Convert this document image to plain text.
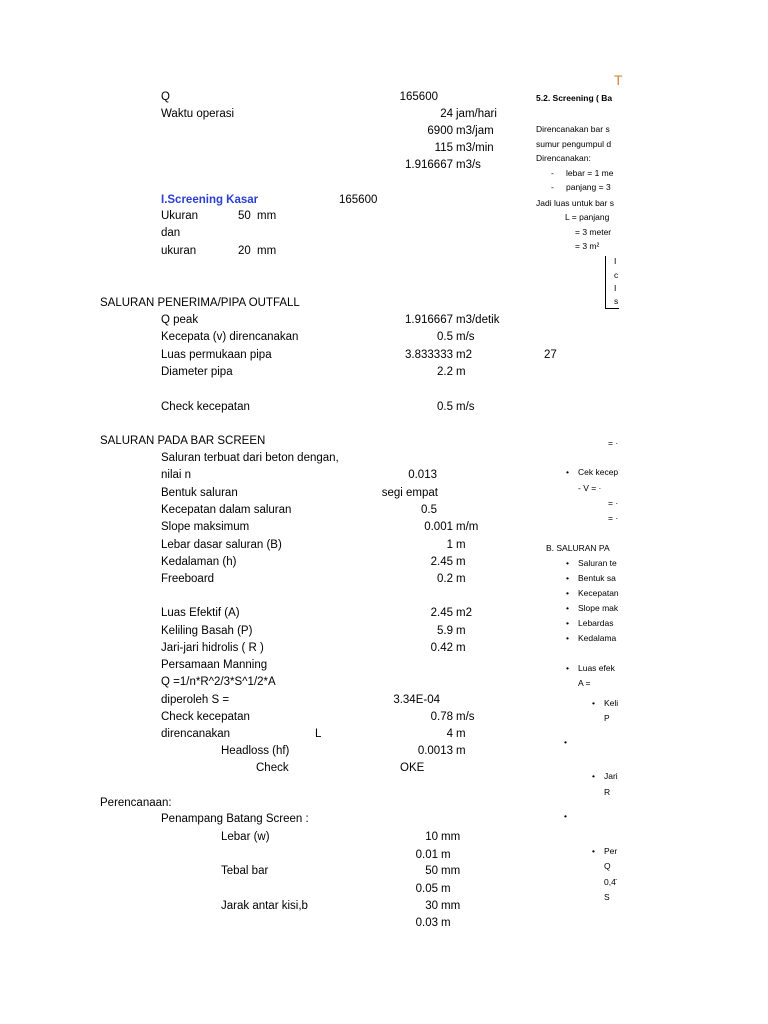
Q	165600
Waktu operasi	24 jam/hari
6900 m3/jam
115 m3/min
1.916667 m3/s
I.Screening Kasar	165600
Ukuran	50 mm
dan
ukuran	20 mm
SALURAN PENERIMA/PIPA OUTFALL
Q peak	1.916667 m3/detik
Kecepata (v) direncanakan	0.5 m/s
Luas permukaan pipa	3.833333 m2	27
Diameter pipa	2.2 m
Check kecepatan	0.5 m/s
SALURAN PADA BAR SCREEN
Saluran terbuat dari beton dengan,
nilai n	0.013
Bentuk saluran	segi empat
Kecepatan dalam saluran	0.5
Slope maksimum	0.001 m/m
Lebar dasar saluran (B)	1 m
Kedalaman (h)	2.45 m
Freeboard	0.2 m
Luas Efektif (A)	2.45 m2
Keliling Basah (P)	5.9 m
Jari-jari hidrolis ( R )	0.42 m
Persamaan Manning
Q =1/n*R^2/3*S^1/2*A
diperoleh S =	3.34E-04
Check kecepatan	0.78 m/s
direncanakan	L	4 m
Headloss (hf)	0.0013 m
Check	OKE
Perencanaan:
Penampang Batang Screen :
Lebar (w)	10 mm
0.01 m
Tebal bar	50 mm
0.05 m
Jarak antar kisi,b	30 mm
0.03 m
T
5.2. Screening ( Ba
Direncanakan bar s
sumur pengumpul d
Direncanakan:
- lebar = 1 me
- panjang = 3
Jadi luas untuk bar s
L = panjang
= 3 meter
= 3 m²
I
c
I
s
= ·
• Cek kecep
- V = ·
= ·
= ·
B. SALURAN PA
• Saluran te
• Bentuk sa
• Kecepatan
• Slope mak
• Lebardas
• Kedalama
• Luas efek
A =
• Keli
P
•
• Jari
R
•
• Per
Q
0,4̈
S
